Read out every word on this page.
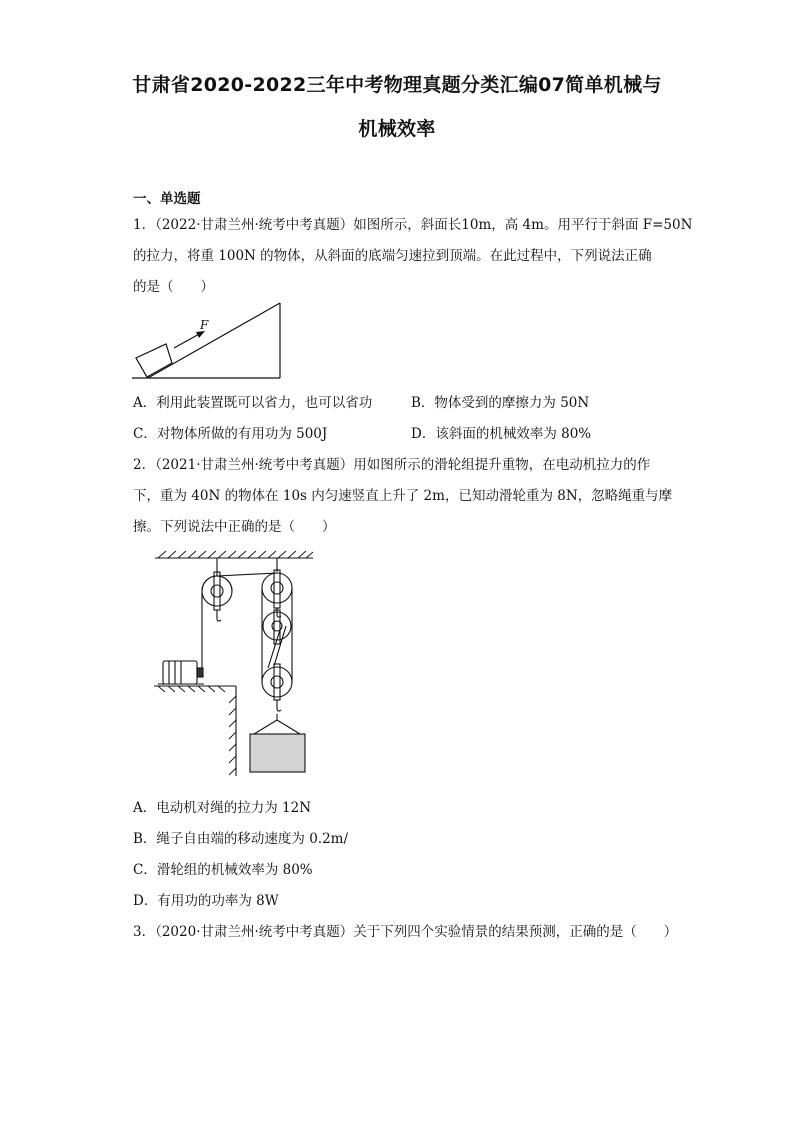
甘肃省2020-2022三年中考物理真题分类汇编07简单机械与
机械效率
一、单选题
1．（2022·甘肃兰州·统考中考真题）如图所示，斜面长10m，高 4m。用平行于斜面 F=50N
的拉力，将重 100N 的物体，从斜面的底端匀速拉到顶端。在此过程中，下列说法正确
的是（　　）
F
A．利用此装置既可以省力，也可以省功	B．物体受到的摩擦力为 50N
C．对物体所做的有用功为 500J	D．该斜面的机械效率为 80%
2．（2021·甘肃兰州·统考中考真题）用如图所示的滑轮组提升重物，在电动机拉力的作
下，重为 40N 的物体在 10s 内匀速竖直上升了 2m，已知动滑轮重为 8N，忽略绳重与摩
擦。下列说法中正确的是（　　）
A．电动机对绳的拉力为 12N
B．绳子自由端的移动速度为 0.2m/
C．滑轮组的机械效率为 80%
D．有用功的功率为 8W
3．（2020·甘肃兰州·统考中考真题）关于下列四个实验情景的结果预测，正确的是（　　）
